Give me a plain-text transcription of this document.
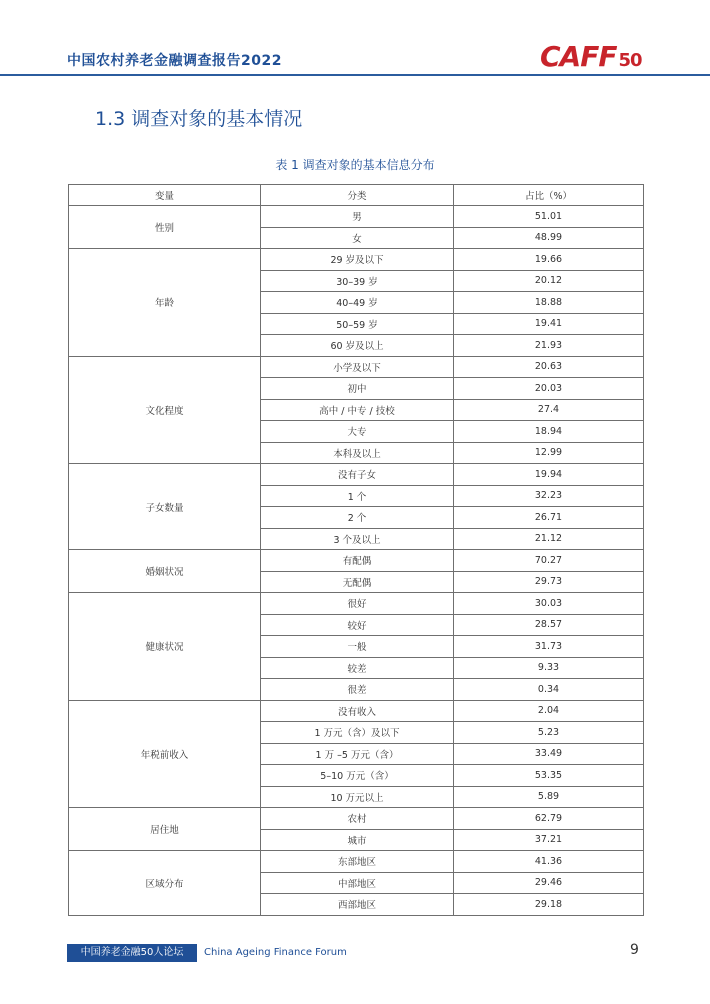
中国农村养老金融调查报告2022	CAFF 50
1.3 调查对象的基本情况
表 1 调查对象的基本信息分布
变量	分类	占比（%）
性别	男	51.01
	女	48.99
年龄	29 岁及以下	19.66
	30–39 岁	20.12
	40–49 岁	18.88
	50–59 岁	19.41
	60 岁及以上	21.93
文化程度	小学及以下	20.63
	初中	20.03
	高中 / 中专 / 技校	27.4
	大专	18.94
	本科及以上	12.99
子女数量	没有子女	19.94
	1 个	32.23
	2 个	26.71
	3 个及以上	21.12
婚姻状况	有配偶	70.27
	无配偶	29.73
健康状况	很好	30.03
	较好	28.57
	一般	31.73
	较差	9.33
	很差	0.34
年税前收入	没有收入	2.04
	1 万元（含）及以下	5.23
	1 万 –5 万元（含）	33.49
	5–10 万元（含）	53.35
	10 万元以上	5.89
居住地	农村	62.79
	城市	37.21
区域分布	东部地区	41.36
	中部地区	29.46
	西部地区	29.18
中国养老金融50人论坛	China Ageing Finance Forum	9
